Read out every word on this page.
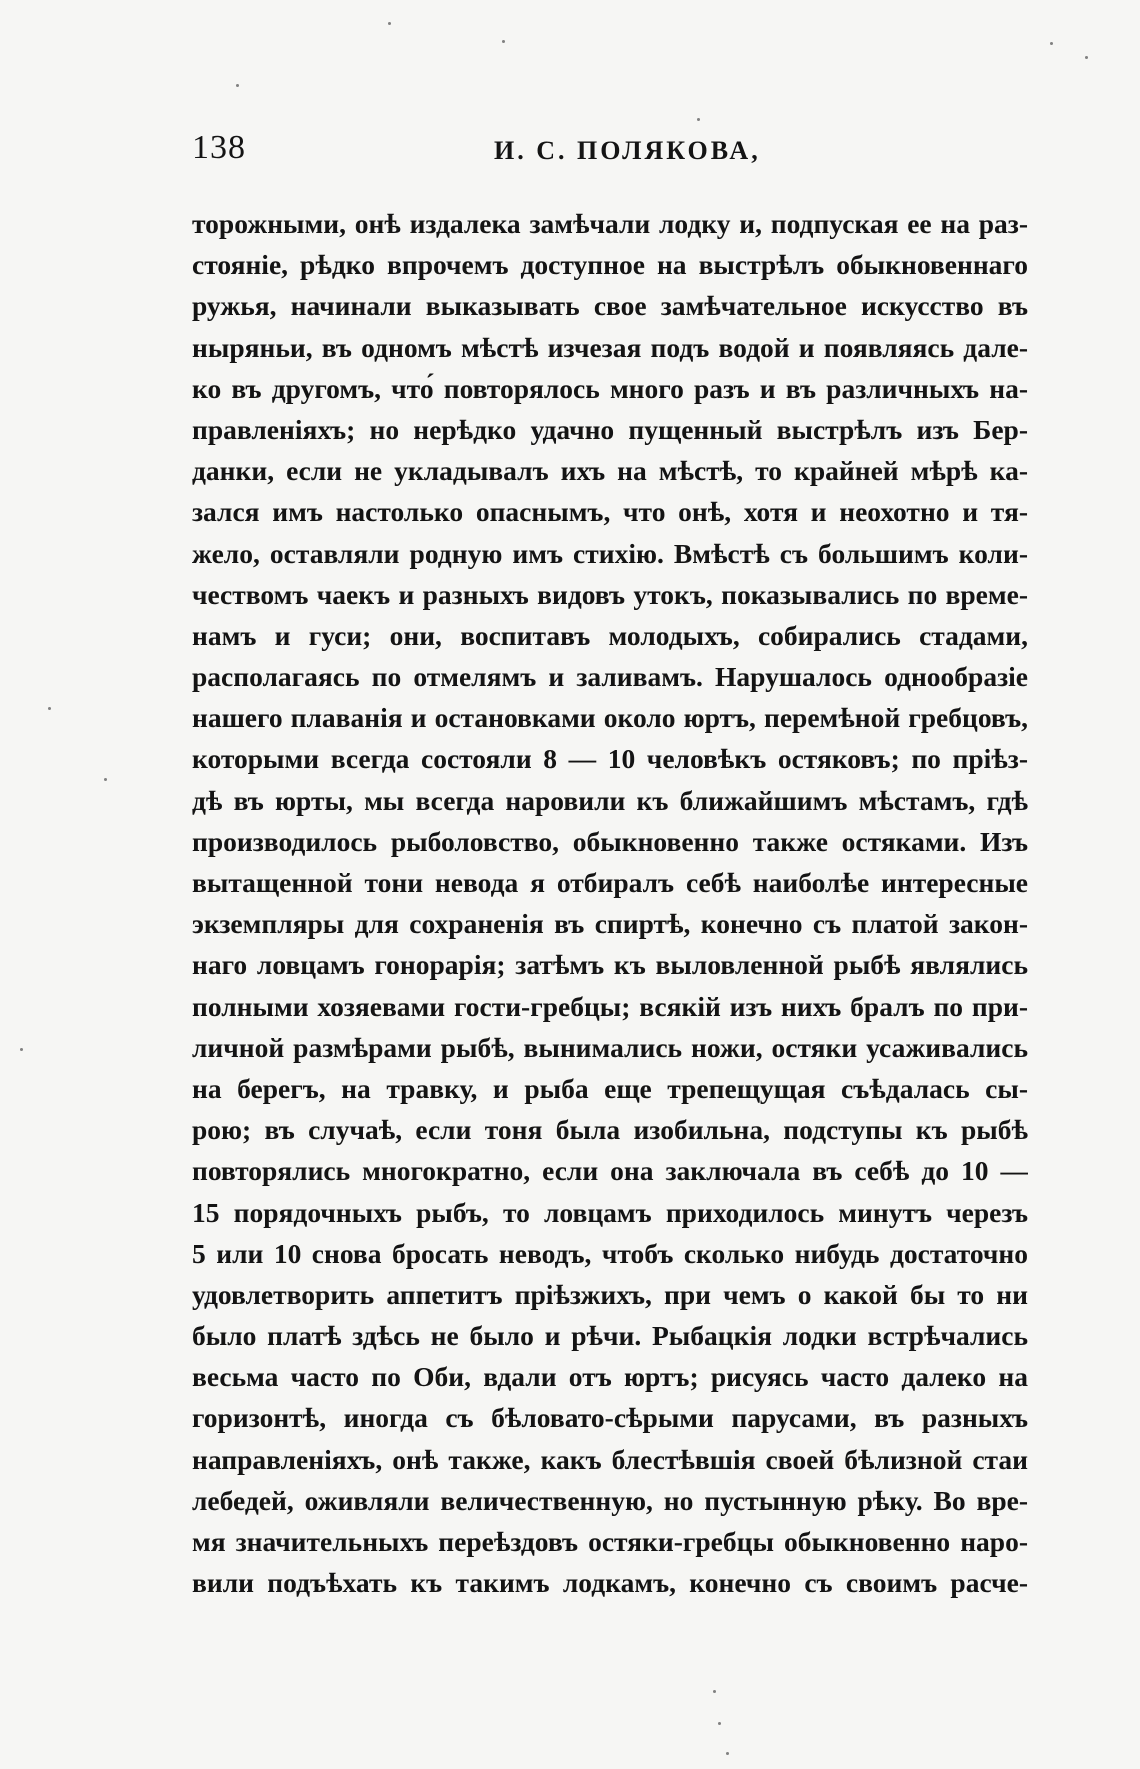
138	И. С. ПОЛЯКОВА,
торожными, онѣ издалека замѣчали лодку и, подпуская ее на раз-
стояніе, рѣдко впрочемъ доступное на выстрѣлъ обыкновеннаго
ружья, начинали выказывать свое замѣчательное искусство въ
ныряньи, въ одномъ мѣстѣ изчезая подъ водой и появляясь дале-
ко въ другомъ, что́ повторялось много разъ и въ различныхъ на-
правленіяхъ; но нерѣдко удачно пущенный выстрѣлъ изъ Бер-
данки, если не укладывалъ ихъ на мѣстѣ, то крайней мѣрѣ ка-
зался имъ настолько опаснымъ, что онѣ, хотя и неохотно и тя-
жело, оставляли родную имъ стихію. Вмѣстѣ съ большимъ коли-
чествомъ чаекъ и разныхъ видовъ утокъ, показывались по време-
намъ и гуси; они, воспитавъ молодыхъ, собирались стадами,
располагаясь по отмелямъ и заливамъ. Нарушалось однообразіе
нашего плаванія и остановками около юртъ, перемѣной гребцовъ,
которыми всегда состояли 8 — 10 человѣкъ остяковъ; по пріѣз-
дѣ въ юрты, мы всегда наровили къ ближайшимъ мѣстамъ, гдѣ
производилось рыболовство, обыкновенно также остяками. Изъ
вытащенной тони невода я отбиралъ себѣ наиболѣе интересные
экземпляры для сохраненія въ спиртѣ, конечно съ платой закон-
наго ловцамъ гонорарія; затѣмъ къ выловленной рыбѣ являлись
полными хозяевами гости-гребцы; всякій изъ нихъ бралъ по при-
личной размѣрами рыбѣ, вынимались ножи, остяки усаживались
на берегъ, на травку, и рыба еще трепещущая съѣдалась сы-
рою; въ случаѣ, если тоня была изобильна, подступы къ рыбѣ
повторялись многократно, если она заключала въ себѣ до 10 —
15 порядочныхъ рыбъ, то ловцамъ приходилось минутъ черезъ
5 или 10 снова бросать неводъ, чтобъ сколько нибудь достаточно
удовлетворить аппетитъ пріѣзжихъ, при чемъ о какой бы то ни
было платѣ здѣсь не было и рѣчи. Рыбацкія лодки встрѣчались
весьма часто по Оби, вдали отъ юртъ; рисуясь часто далеко на
горизонтѣ, иногда съ бѣловато-сѣрыми парусами, въ разныхъ
направленіяхъ, онѣ также, какъ блестѣвшія своей бѣлизной стаи
лебедей, оживляли величественную, но пустынную рѣку. Во вре-
мя значительныхъ переѣздовъ остяки-гребцы обыкновенно наро-
вили подъѣхать къ такимъ лодкамъ, конечно съ своимъ расче-
